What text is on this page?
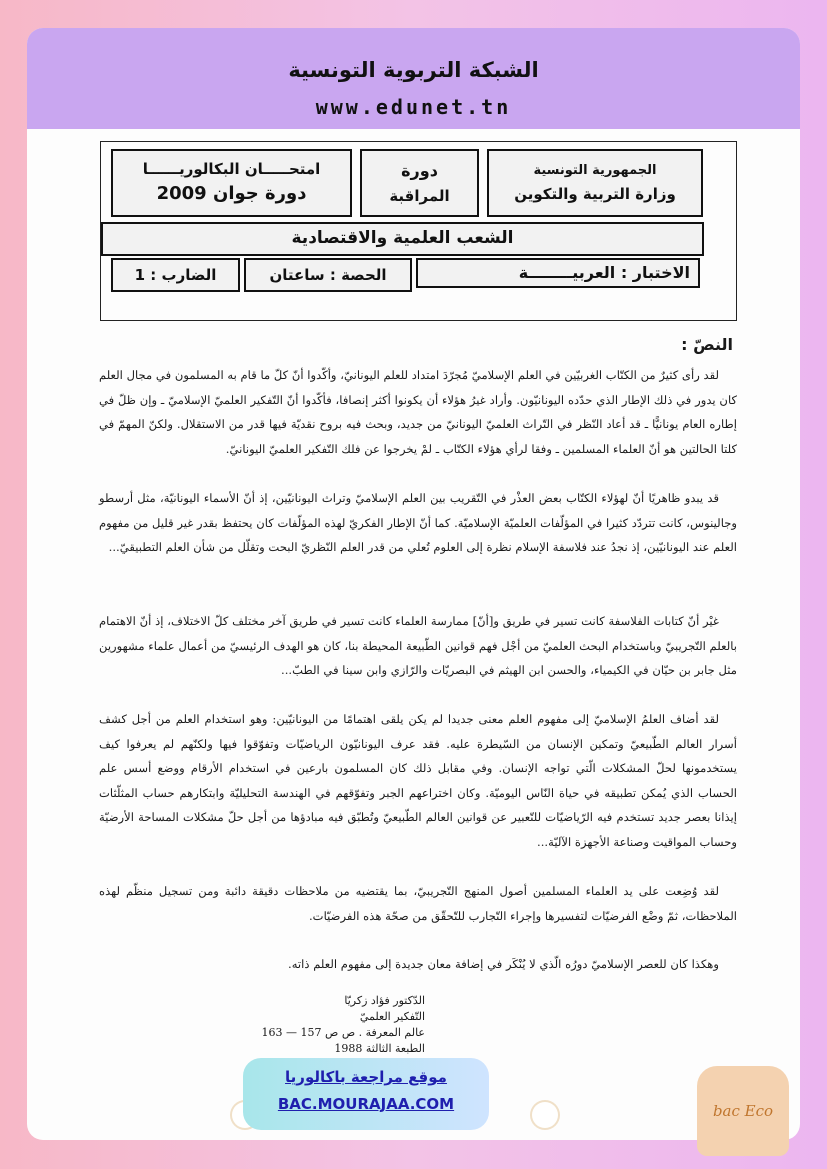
الشبكة التربوية التونسية
www.edunet.tn
الجمهورية التونسية
وزارة التربية والتكوين
دورة
المراقبة
امتحـــــان البكالوريــــــا
دورة جوان 2009
الشعب العلمية والاقتصادية
الاختبار : العربيــــــــة
الحصة : ساعتان
الضارب : 1
النصّ :

لقد رأى كثيرٌ من الكتّاب الغربيّين في العلم الإسلاميّ مُجرّدَ امتداد للعلم اليونانيّ، وأكّدوا أنّ كلّ ما قام به المسلمون في مجال العلم كان يدور في ذلك الإطار الذي حدّده اليونانيّون. وأراد غيرُ هؤلاء أن يكونوا أكثر إنصافا، فأكّدوا أنّ التّفكير العلميّ الإسلاميّ ـ وإن ظلّ في إطاره العام يونانيًّا ـ قد أعاد النّظر في التّراث العلميّ اليونانيّ من جديد، وبحث فيه بروح نقديّة فيها قدر من الاستقلال. ولكنّ المهمّ في كلتا الحالتين هو أنّ العلماء المسلمين ـ وفقا لرأي هؤلاء الكتّاب ـ لمْ يخرجوا عن فلك التّفكير العلميّ اليونانيّ.

قد يبدو ظاهريًا أنّ لهؤلاء الكتّاب بعض العذْر في التّقريب بين العلم الإسلاميّ وتراث اليونانيّين، إذ أنّ الأسماء اليونانيّة، مثل أرسطو وجالينوس، كانت تتردّد كثيرا في المؤلّفات العلميّة الإسلاميّة. كما أنّ الإطار الفكريّ لهذه المؤلّفات كان يحتفظ بقدر غير قليل من مفهوم العلم عند اليونانيّين، إذ نجدُ عند فلاسفة الإسلام نظرة إلى العلوم تُعلي من قدر العلم النّظريّ البحت وتقلّل من شأن العلم التطبيقيّ...

غيْر أنّ كتابات الفلاسفة كانت تسير في طريق و[أنّ] ممارسة العلماء كانت تسير في طريق آخر مختلف كلّ الاختلاف، إذ أنّ الاهتمام بالعلم التّجريبيّ وباستخدام البحث العلميّ من أجْل فهم قوانين الطّبيعة المحيطة بنا، كان هو الهدف الرئيسيّ من أعمال علماء مشهورين مثل جابر بن حيّان في الكيمياء، والحسن ابن الهيثم في البصريّات والرّازي وابن سينا في الطبّ...

لقد أضاف العلمُ الإسلاميّ إلى مفهوم العلم معنى جديدا لم يكن يلقى اهتمامًا من اليونانيّين: وهو استخدام العلم من أجل كشف أسرار العالم الطّبيعيّ وتمكين الإنسان من السّيطرة عليه. فقد عرف اليونانيّون الرياضيّات وتفوّقوا فيها ولكنّهم لم يعرفوا كيف يستخدمونها لحلّ المشكلات الّتي تواجه الإنسان. وفي مقابل ذلك كان المسلمون بارعين في استخدام الأرقام ووضع أسس علم الحساب الذي يُمكن تطبيقه في حياة النّاس اليوميّة. وكان اختراعهم الجبر وتفوّقهم في الهندسة التحليليّة وابتكارهم حساب المثلّثات إيذانا بعصر جديد تستخدم فيه الرّياضيّات للتّعبير عن قوانين العالم الطّبيعيّ وتُطبّق فيه مبادؤها من أجل حلّ مشكلات المساحة الأرضيّة وحساب المواقيت وصناعة الأجهزة الآليّة...

لقد وُضِعت على يد العلماء المسلمين أصول المنهج التّجريبيّ، بما يقتضيه من ملاحظات دقيقة دائبة ومن تسجيل منظّم لهذه الملاحظات، ثمّ وضْع الفرضيّات لتفسيرها وإجراء التّجارب للتّحقّق من صحّة هذه الفرضيّات.

وهكذا كان للعصر الإسلاميّ دورُه الّذي لا يُنْكَر في إضافة معان جديدة إلى مفهوم العلم ذاته.

الدّكتور فؤاد زكريّا
التّفكير العلميّ
عالم المعرفة . ص ص 157 — 163
الطبعة الثالثة 1988
موقع مراجعة باكالوريا
BAC.MOURAJAA.COM	bac Eco
